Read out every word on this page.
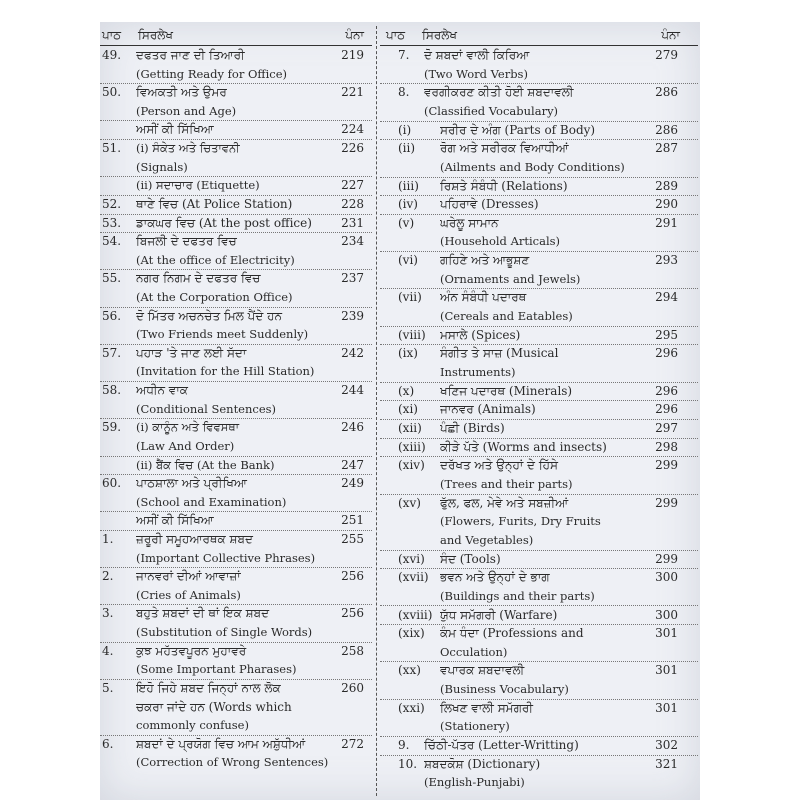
ਪਾਠ ਸਿਰਲੇਖ	ਪੰਨਾ
49. ਦਫਤਰ ਜਾਣ ਦੀ ਤਿਆਰੀ	219
(Getting Ready for Office)
50. ਵਿਅਕਤੀ ਅਤੇ ਉਮਰ	221
(Person and Age)
ਅਸੀਂ ਕੀ ਸਿੱਖਿਆ	224
51. (i) ਸੰਕੇਤ ਅਤੇ ਚਿਤਾਵਨੀ	226
(Signals)
(ii) ਸਦਾਚਾਰ (Etiquette)	227
52. ਥਾਣੇ ਵਿਚ (At Police Station)	228
53. ਡਾਕਘਰ ਵਿਚ (At the post office)	231
54. ਬਿਜਲੀ ਦੇ ਦਫਤਰ ਵਿਚ	234
(At the office of Electricity)
55. ਨਗਰ ਨਿਗਮ ਦੇ ਦਫਤਰ ਵਿਚ	237
(At the Corporation Office)
56. ਦੋ ਮਿੱਤਰ ਅਚਨਚੇਤ ਮਿਲ ਪੈਂਦੇ ਹਨ	239
(Two Friends meet Suddenly)
57. ਪਹਾੜ 'ਤੇ ਜਾਣ ਲਈ ਸੱਦਾ	242
(Invitation for the Hill Station)
58. ਅਧੀਨ ਵਾਕ	244
(Conditional Sentences)
59. (i) ਕਾਨੂੰਨ ਅਤੇ ਵਿਵਸਥਾ	246
(Law And Order)
(ii) ਬੈਂਕ ਵਿਚ (At the Bank)	247
60. ਪਾਠਸ਼ਾਲਾ ਅਤੇ ਪ੍ਰੀਖਿਆ	249
(School and Examination)
ਅਸੀਂ ਕੀ ਸਿੱਖਿਆ	251
1. ਜ਼ਰੂਰੀ ਸਮੂਹਆਰਥਕ ਸ਼ਬਦ	255
(Important Collective Phrases)
2. ਜਾਨਵਰਾਂ ਦੀਆਂ ਆਵਾਜ਼ਾਂ	256
(Cries of Animals)
3. ਬਹੁਤੇ ਸ਼ਬਦਾਂ ਦੀ ਥਾਂ ਇਕ ਸ਼ਬਦ	256
(Substitution of Single Words)
4. ਕੁਝ ਮਹੱਤਵਪੂਰਨ ਮੁਹਾਵਰੇ	258
(Some Important Pharases)
5. ਇਹੋ ਜਿਹੇ ਸ਼ਬਦ ਜਿਨ੍ਹਾਂ ਨਾਲ ਲੋਕ	260
ਚਕਰਾ ਜਾਂਦੇ ਹਨ (Words which
commonly confuse)
6. ਸ਼ਬਦਾਂ ਦੇ ਪ੍ਰਯੋਗ ਵਿਚ ਆਮ ਅਸ਼ੁੱਧੀਆਂ	272
(Correction of Wrong Sentences)
ਪਾਠ ਸਿਰਲੇਖ	ਪੰਨਾ
7. ਦੋ ਸ਼ਬਦਾਂ ਵਾਲੀ ਕਿਰਿਆ	279
(Two Word Verbs)
8. ਵਰਗੀਕਰਣ ਕੀਤੀ ਹੋਈ ਸ਼ਬਦਾਵਲੀ	286
(Classified Vocabulary)
(i) ਸਰੀਰ ਦੇ ਅੰਗ (Parts of Body)	286
(ii) ਰੋਗ ਅਤੇ ਸਰੀਰਕ ਵਿਆਧੀਆਂ	287
(Ailments and Body Conditions)
(iii) ਰਿਸ਼ਤੇ ਸੰਬੰਧੀ (Relations)	289
(iv) ਪਹਿਰਾਵੇ (Dresses)	290
(v) ਘਰੇਲੂ ਸਾਮਾਨ	291
(Household Articals)
(vi) ਗਹਿਣੇ ਅਤੇ ਆਭੂਸ਼ਣ	293
(Ornaments and Jewels)
(vii) ਅੰਨ ਸੰਬੰਧੀ ਪਦਾਰਥ	294
(Cereals and Eatables)
(viii) ਮਸਾਲੇ (Spices)	295
(ix) ਸੰਗੀਤ ਤੇ ਸਾਜ਼ (Musical	296
Instruments)
(x) ਖਣਿਜ ਪਦਾਰਥ (Minerals)	296
(xi) ਜਾਨਵਰ (Animals)	296
(xii) ਪੰਛੀ (Birds)	297
(xiii) ਕੀੜੇ ਪੱਤੇ (Worms and insects)	298
(xiv) ਦਰੱਖਤ ਅਤੇ ਉਨ੍ਹਾਂ ਦੇ ਹਿੱਸੇ	299
(Trees and their parts)
(xv) ਫੁੱਲ, ਫਲ, ਮੇਵੇ ਅਤੇ ਸਬਜ਼ੀਆਂ	299
(Flowers, Furits, Dry Fruits
and Vegetables)
(xvi) ਸੰਦ (Tools)	299
(xvii) ਭਵਨ ਅਤੇ ਉਨ੍ਹਾਂ ਦੇ ਭਾਗ	300
(Buildings and their parts)
(xviii) ਯੁੱਧ ਸਮੱਗਰੀ (Warfare)	300
(xix) ਕੰਮ ਧੰਦਾ (Professions and	301
Occulation)
(xx) ਵਪਾਰਕ ਸ਼ਬਦਾਵਲੀ	301
(Business Vocabulary)
(xxi) ਲਿਖਣ ਵਾਲੀ ਸਮੱਗਰੀ	301
(Stationery)
9. ਚਿੱਠੀ-ਪੱਤਰ (Letter-Writting)	302
10. ਸ਼ਬਦਕੋਸ਼ (Dictionary)	321
(English-Punjabi)
